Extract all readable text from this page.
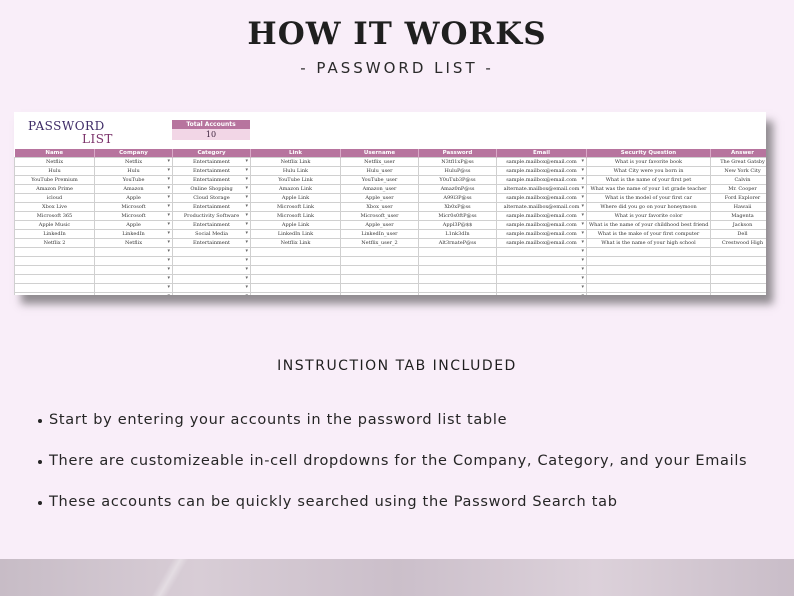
HOW IT WORKS
- PASSWORD LIST -
PASSWORD
LIST
Total Accounts
10
Name	Company	Category	Link	Username	Password	Email	Security Question	Answer
Netflix	Netflix ▾	Entertainment ▾	Netflix Link	Netflix_user	N3tfl1xP@ss	sample.mailbox@email.com ▾	What is your favorite book	The Great Gatsby
Hulu	Hulu ▾	Entertainment ▾	Hulu Link	Hulu_user	HuluP@ss	sample.mailbox@email.com ▾	What City were you born in	New York City
YouTube Premium	YouTube ▾	Entertainment ▾	YouTube Link	YouTube_user	Y0uTub3P@ss	sample.mailbox@email.com ▾	What is the name of your first pet	Calvin
Amazon Prime	Amazon ▾	Online Shopping ▾	Amazon Link	Amazon_user	Amaz0nP@ss	alternate.mailbox@email.com ▾	What was the name of your 1st grade teacher	Mr. Cooper
icloud	Apple ▾	Cloud Storage ▾	Apple Link	Apple_user	A99l3P@ss	sample.mailbox@email.com ▾	What is the model of your first car	Ford Explorer
Xbox Live	Microsoft ▾	Entertainment ▾	Microsoft Link	Xbox_user	Xb0xP@ss	alternate.mailbox@email.com ▾	Where did you go on your honeymoon	Hawaii
Microsoft 365	Microsoft ▾	Productivity Software ▾	Microsoft Link	Microsoft_user	Micr0s0ftP@ss	sample.mailbox@email.com ▾	What is your favorite color	Magenta
Apple Music	Apple ▾	Entertainment ▾	Apple Link	Apple_user	Appl3P@$$	sample.mailbox@email.com ▾	What is the name of your childhood best friend	Jackson
LinkedIn	LinkedIn ▾	Social Media ▾	LinkedIn Link	LinkedIn_user	L1nk3dIn	sample.mailbox@email.com ▾	What is the make of your first computer	Dell
Netflix 2	Netflix ▾	Entertainment ▾	Netflix Link	Netflix_user_2	Alt3rnateP@ss	sample.mailbox@email.com ▾	What is the name of your high school	Crestwood High
	▾	▾				▾		
	▾	▾				▾		
	▾	▾				▾		
	▾	▾				▾		
	▾	▾				▾		
	▾	▾				▾		

INSTRUCTION TAB INCLUDED
Start by entering your accounts in the password list table
There are customizeable in-cell dropdowns for the Company, Category, and your Emails
These accounts can be quickly searched using the Password Search tab
